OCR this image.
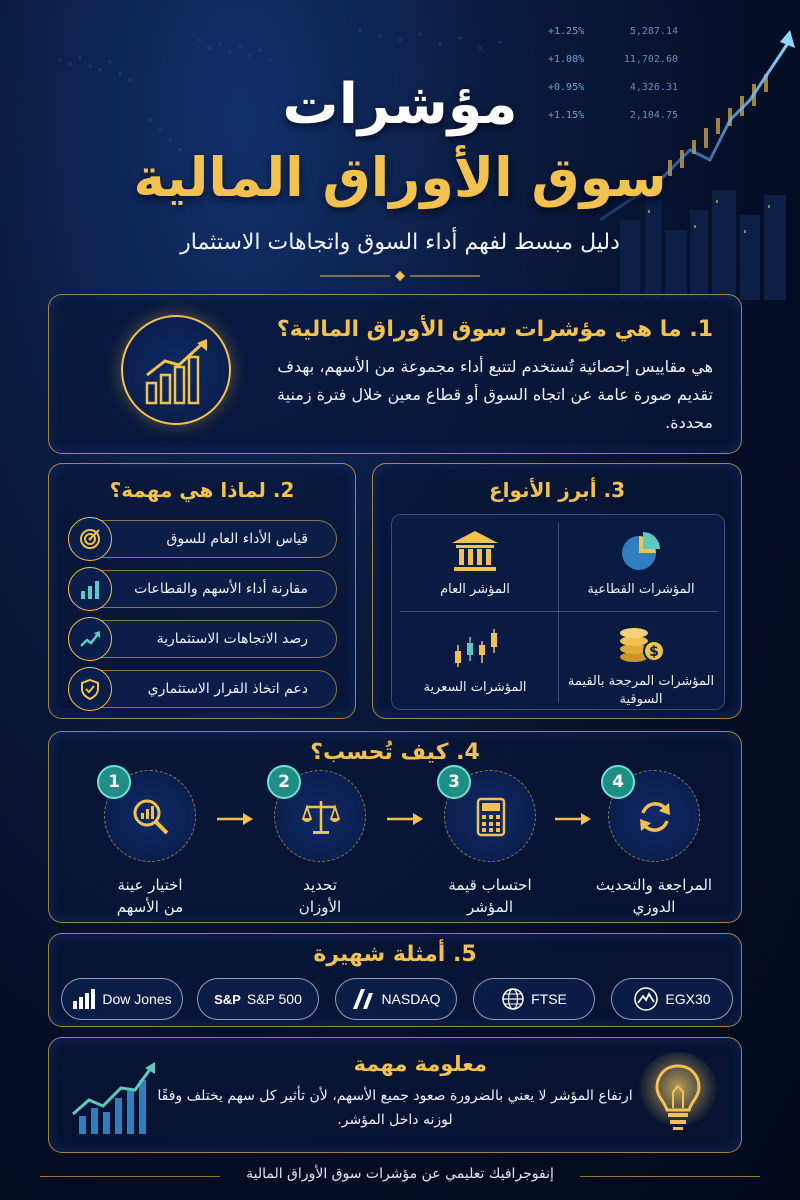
+1.25%	5,287.14
+1.08%	11,702.60
+0.95%	4,326.31
+1.15%	2,104.75
مؤشرات
سوق الأوراق المالية
دليل مبسط لفهم أداء السوق واتجاهات الاستثمار
1. ما هي مؤشرات سوق الأوراق المالية؟

هي مقاييس إحصائية تُستخدم لتتبع أداء مجموعة من الأسهم، بهدف تقديم صورة عامة عن اتجاه السوق أو قطاع معين خلال فترة زمنية محددة.

2. لماذا هي مهمة؟
قياس الأداء العام للسوق
مقارنة أداء الأسهم والقطاعات
رصد الاتجاهات الاستثمارية
دعم اتخاذ القرار الاستثماري
3. أبرز الأنواع
المؤشرات القطاعية
المؤشر العام
$
المؤشرات المرجحة بالقيمة السوقية
المؤشرات السعرية
4. كيف تُحسب؟
1
اختيار عينة
من الأسهم
2
تحديد
الأوزان
3
احتساب قيمة
المؤشر
4
المراجعة والتحديث
الدوزي
5. أمثلة شهيرة
Dow Jones	S&P S&P 500	NASDAQ	FTSE	EGX30
معلومة مهمة

ارتفاع المؤشر لا يعني بالضرورة صعود جميع الأسهم، لأن تأثير كل سهم يختلف وفقًا لوزنه داخل المؤشر.

إنفوجرافيك تعليمي عن مؤشرات سوق الأوراق المالية
